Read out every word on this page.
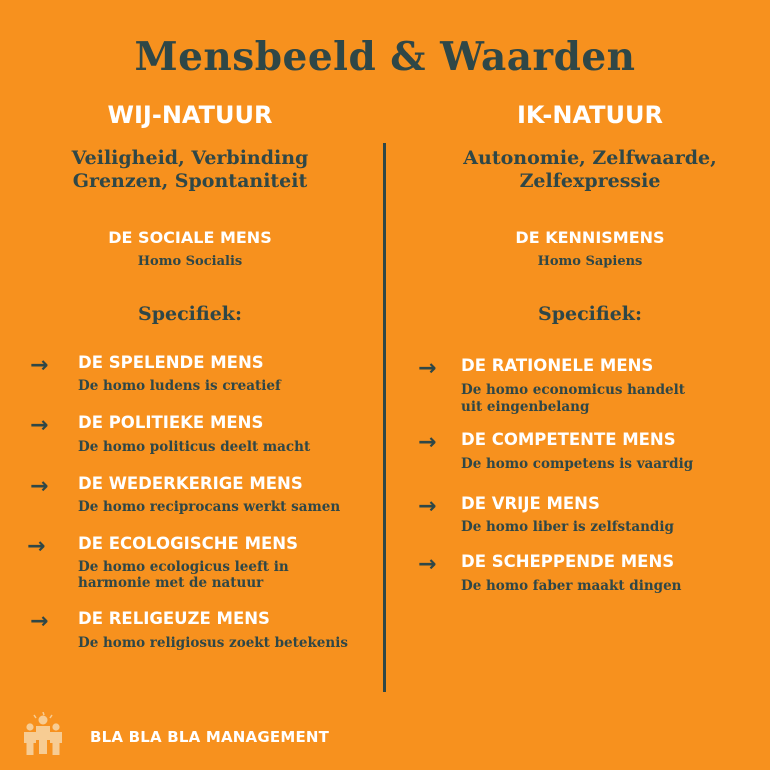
Mensbeeld & Waarden
WIJ-NATUUR
Veiligheid, Verbinding
Grenzen, Spontaniteit
DE SOCIALE MENS
Homo Socialis
Specifiek:
IK-NATUUR
Autonomie, Zelfwaarde,
Zelfexpressie
DE KENNISMENS
Homo Sapiens
Specifiek:
→ DE SPELENDE MENS
De homo ludens is creatief
→ DE POLITIEKE MENS
De homo politicus deelt macht
→ DE WEDERKERIGE MENS
De homo reciprocans werkt samen
→ DE ECOLOGISCHE MENS
De homo ecologicus leeft in
harmonie met de natuur
→ DE RELIGEUZE MENS
De homo religiosus zoekt betekenis
→ DE RATIONELE MENS
De homo economicus handelt
uit eingenbelang
→ DE COMPETENTE MENS
De homo competens is vaardig
→ DE VRIJE MENS
De homo liber is zelfstandig
→ DE SCHEPPENDE MENS
De homo faber maakt dingen
BLA BLA BLA MANAGEMENT
